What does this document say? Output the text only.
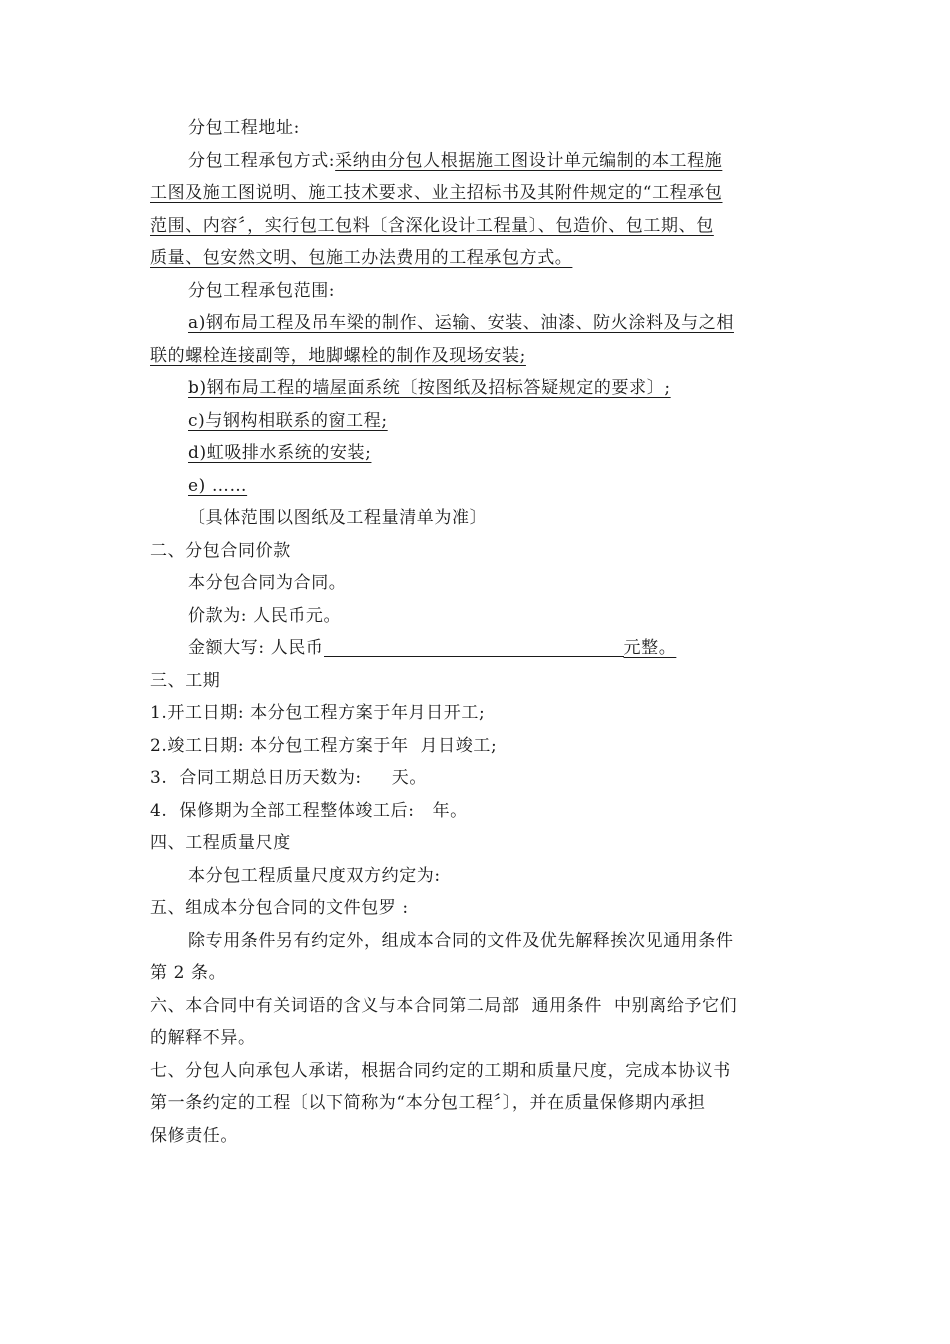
分包工程地址:
分包工程承包方式:采纳由分包人根据施工图设计单元编制的本工程施
工图及施工图说明、施工技术要求、业主招标书及其附件规定的“工程承包
范围、内容〞，实行包工包料〔含深化设计工程量〕、包造价、包工期、包
质量、包安然文明、包施工办法费用的工程承包方式。
分包工程承包范围:
a)钢布局工程及吊车梁的制作、运输、安装、油漆、防火涂料及与之相
联的螺栓连接副等，地脚螺栓的制作及现场安装;
b)钢布局工程的墙屋面系统〔按图纸及招标答疑规定的要求〕;
c)与钢构相联系的窗工程;
d)虹吸排水系统的安装;
e) ……
〔具体范围以图纸及工程量清单为准〕
二、分包合同价款
本分包合同为合同。
价款为: 人民币元。
金额大写: 人民币	元整。
三、工期
1.开工日期: 本分包工程方案于年月日开工;
2.竣工日期: 本分包工程方案于年  月日竣工;
3.  合同工期总日历天数为:     天。
4.  保修期为全部工程整体竣工后:   年。
四、工程质量尺度
本分包工程质量尺度双方约定为:
五、组成本分包合同的文件包罗 :
除专用条件另有约定外，组成本合同的文件及优先解释挨次见通用条件
第 2 条。
六、本合同中有关词语的含义与本合同第二局部  通用条件  中别离给予它们
的解释不异。
七、分包人向承包人承诺，根据合同约定的工期和质量尺度，完成本协议书
第一条约定的工程〔以下简称为“本分包工程〞〕，并在质量保修期内承担
保修责任。
